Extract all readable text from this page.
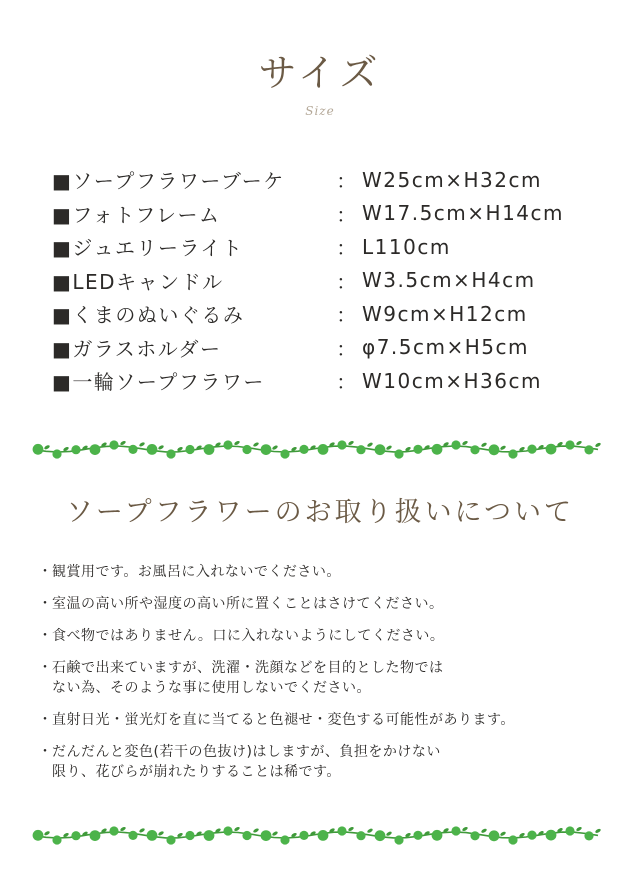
サイズ
Size
■ソープフラワーブーケ	： W25cm×H32cm
■フォトフレーム	： W17.5cm×H14cm
■ジュエリーライト	： L110cm
■LEDキャンドル	： W3.5cm×H4cm
■くまのぬいぐるみ	： W9cm×H12cm
■ガラスホルダー	： φ7.5cm×H5cm
■一輪ソープフラワー	： W10cm×H36cm
ソープフラワーのお取り扱いについて
・ 観賞用です。お風呂に入れないでください。
・ 室温の高い所や湿度の高い所に置くことはさけてください。
・ 食べ物ではありません。口に入れないようにしてください。
・ 石鹸で出来ていますが、洗濯・洗顔などを目的とした物では
ない為、そのような事に使用しないでください。
・ 直射日光・蛍光灯を直に当てると色褪せ・変色する可能性があります。
・ だんだんと変色(若干の色抜け)はしますが、負担をかけない
限り、花びらが崩れたりすることは稀です。
